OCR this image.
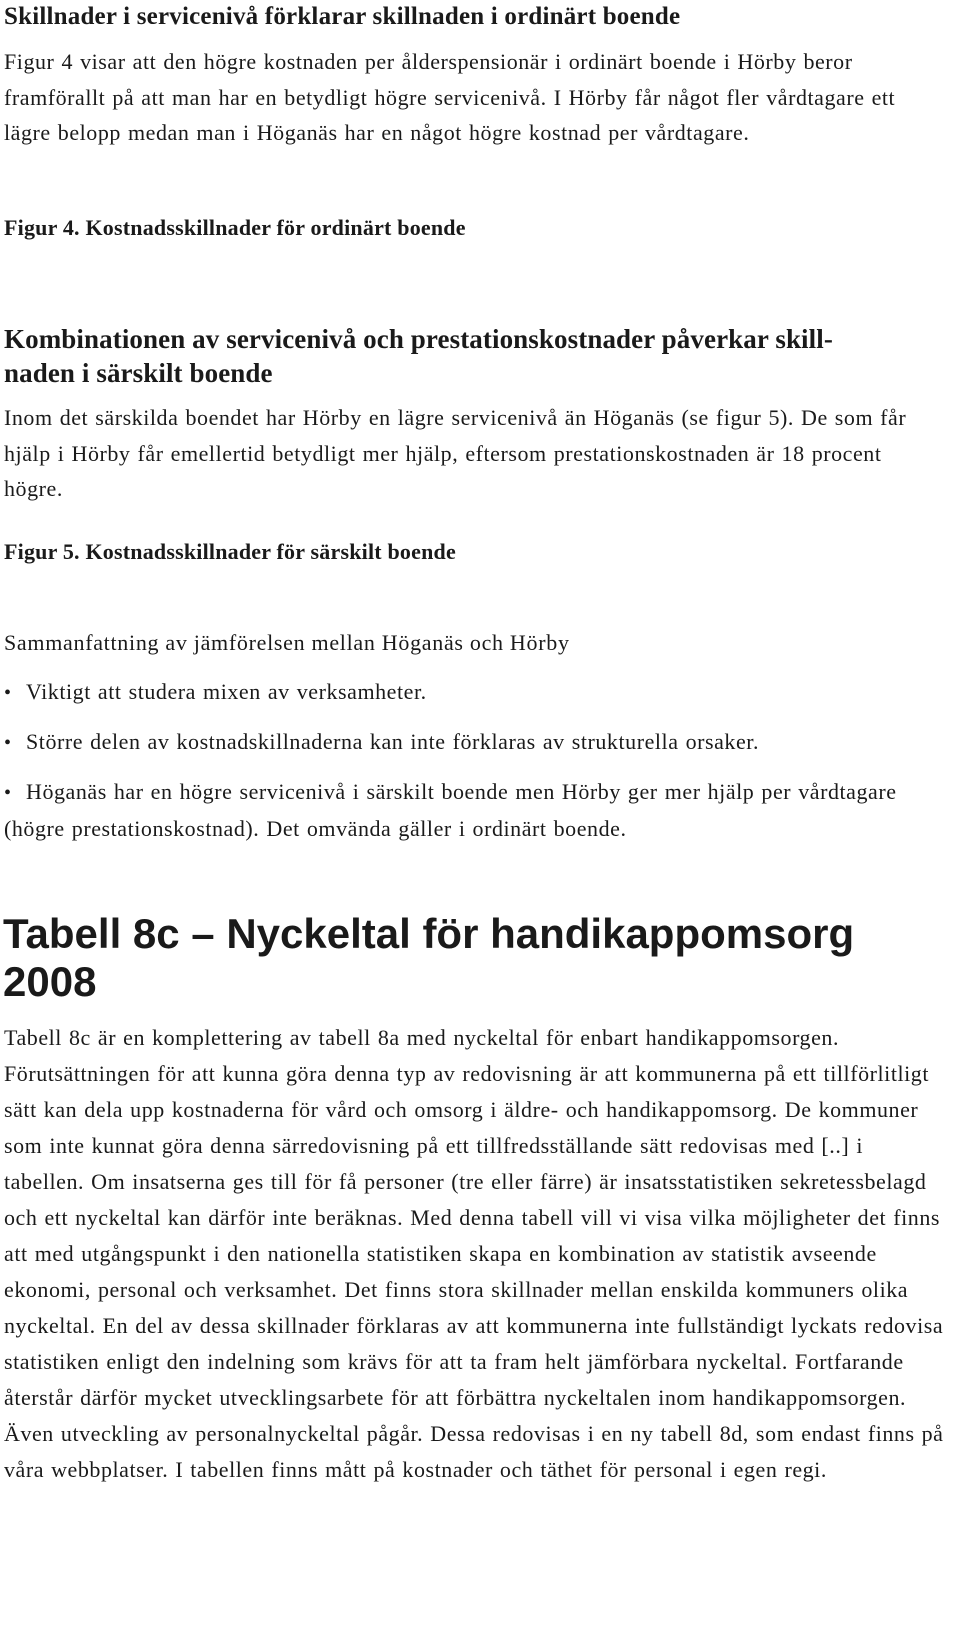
Skillnader i servicenivå förklarar skillnaden i ordinärt boende

Figur 4 visar att den högre kostnaden per ålderspensionär i ordinärt boende i Hörby beror framförallt på att man har en betydligt högre servicenivå. I Hörby får något fler vårdtagare ett lägre belopp medan man i Höganäs har en något högre kostnad per vårdtagare.

Figur 4. Kostnadsskillnader för ordinärt boende
Kombinationen av servicenivå och prestationskostnader påverkar skill- naden i särskilt boende

Inom det särskilda boendet har Hörby en lägre servicenivå än Höganäs (se figur 5). De som får hjälp i Hörby får emellertid betydligt mer hjälp, eftersom prestationskostnaden är 18 procent högre.

Figur 5. Kostnadsskillnader för särskilt boende
Sammanfattning av jämförelsen mellan Höganäs och Hörby
• Viktigt att studera mixen av verksamheter.
• Större delen av kostnadskillnaderna kan inte förklaras av strukturella orsaker.
• Höganäs har en högre servicenivå i särskilt boende men Hörby ger mer hjälp per vårdtagare (högre prestationskostnad). Det omvända gäller i ordinärt boende.
Tabell 8c – Nyckeltal för handikappomsorg 2008

Tabell 8c är en komplettering av tabell 8a med nyckeltal för enbart handikappomsorgen. Förutsättningen för att kunna göra denna typ av redovisning är att kommunerna på ett tillförlitligt sätt kan dela upp kostnaderna för vård och omsorg i äldre- och handikappomsorg. De kommuner som inte kunnat göra denna särredovisning på ett tillfredsställande sätt redovisas med [..] i tabellen. Om insatserna ges till för få personer (tre eller färre) är insatsstatistiken sekretessbelagd och ett nyckeltal kan därför inte beräknas. Med denna tabell vill vi visa vilka möjligheter det finns att med utgångspunkt i den nationella statistiken skapa en kombination av statistik avseende ekonomi, personal och verksamhet. Det finns stora skillnader mellan enskilda kommuners olika nyckeltal. En del av dessa skillnader förklaras av att kommunerna inte fullständigt lyckats redovisa statistiken enligt den indelning som krävs för att ta fram helt jämförbara nyckeltal. Fortfarande återstår därför mycket utvecklingsarbete för att förbättra nyckeltalen inom handikappomsorgen. Även utveckling av personalnyckeltal pågår. Dessa redovisas i en ny tabell 8d, som endast finns på våra webbplatser. I tabellen finns mått på kostnader och täthet för personal i egen regi.
